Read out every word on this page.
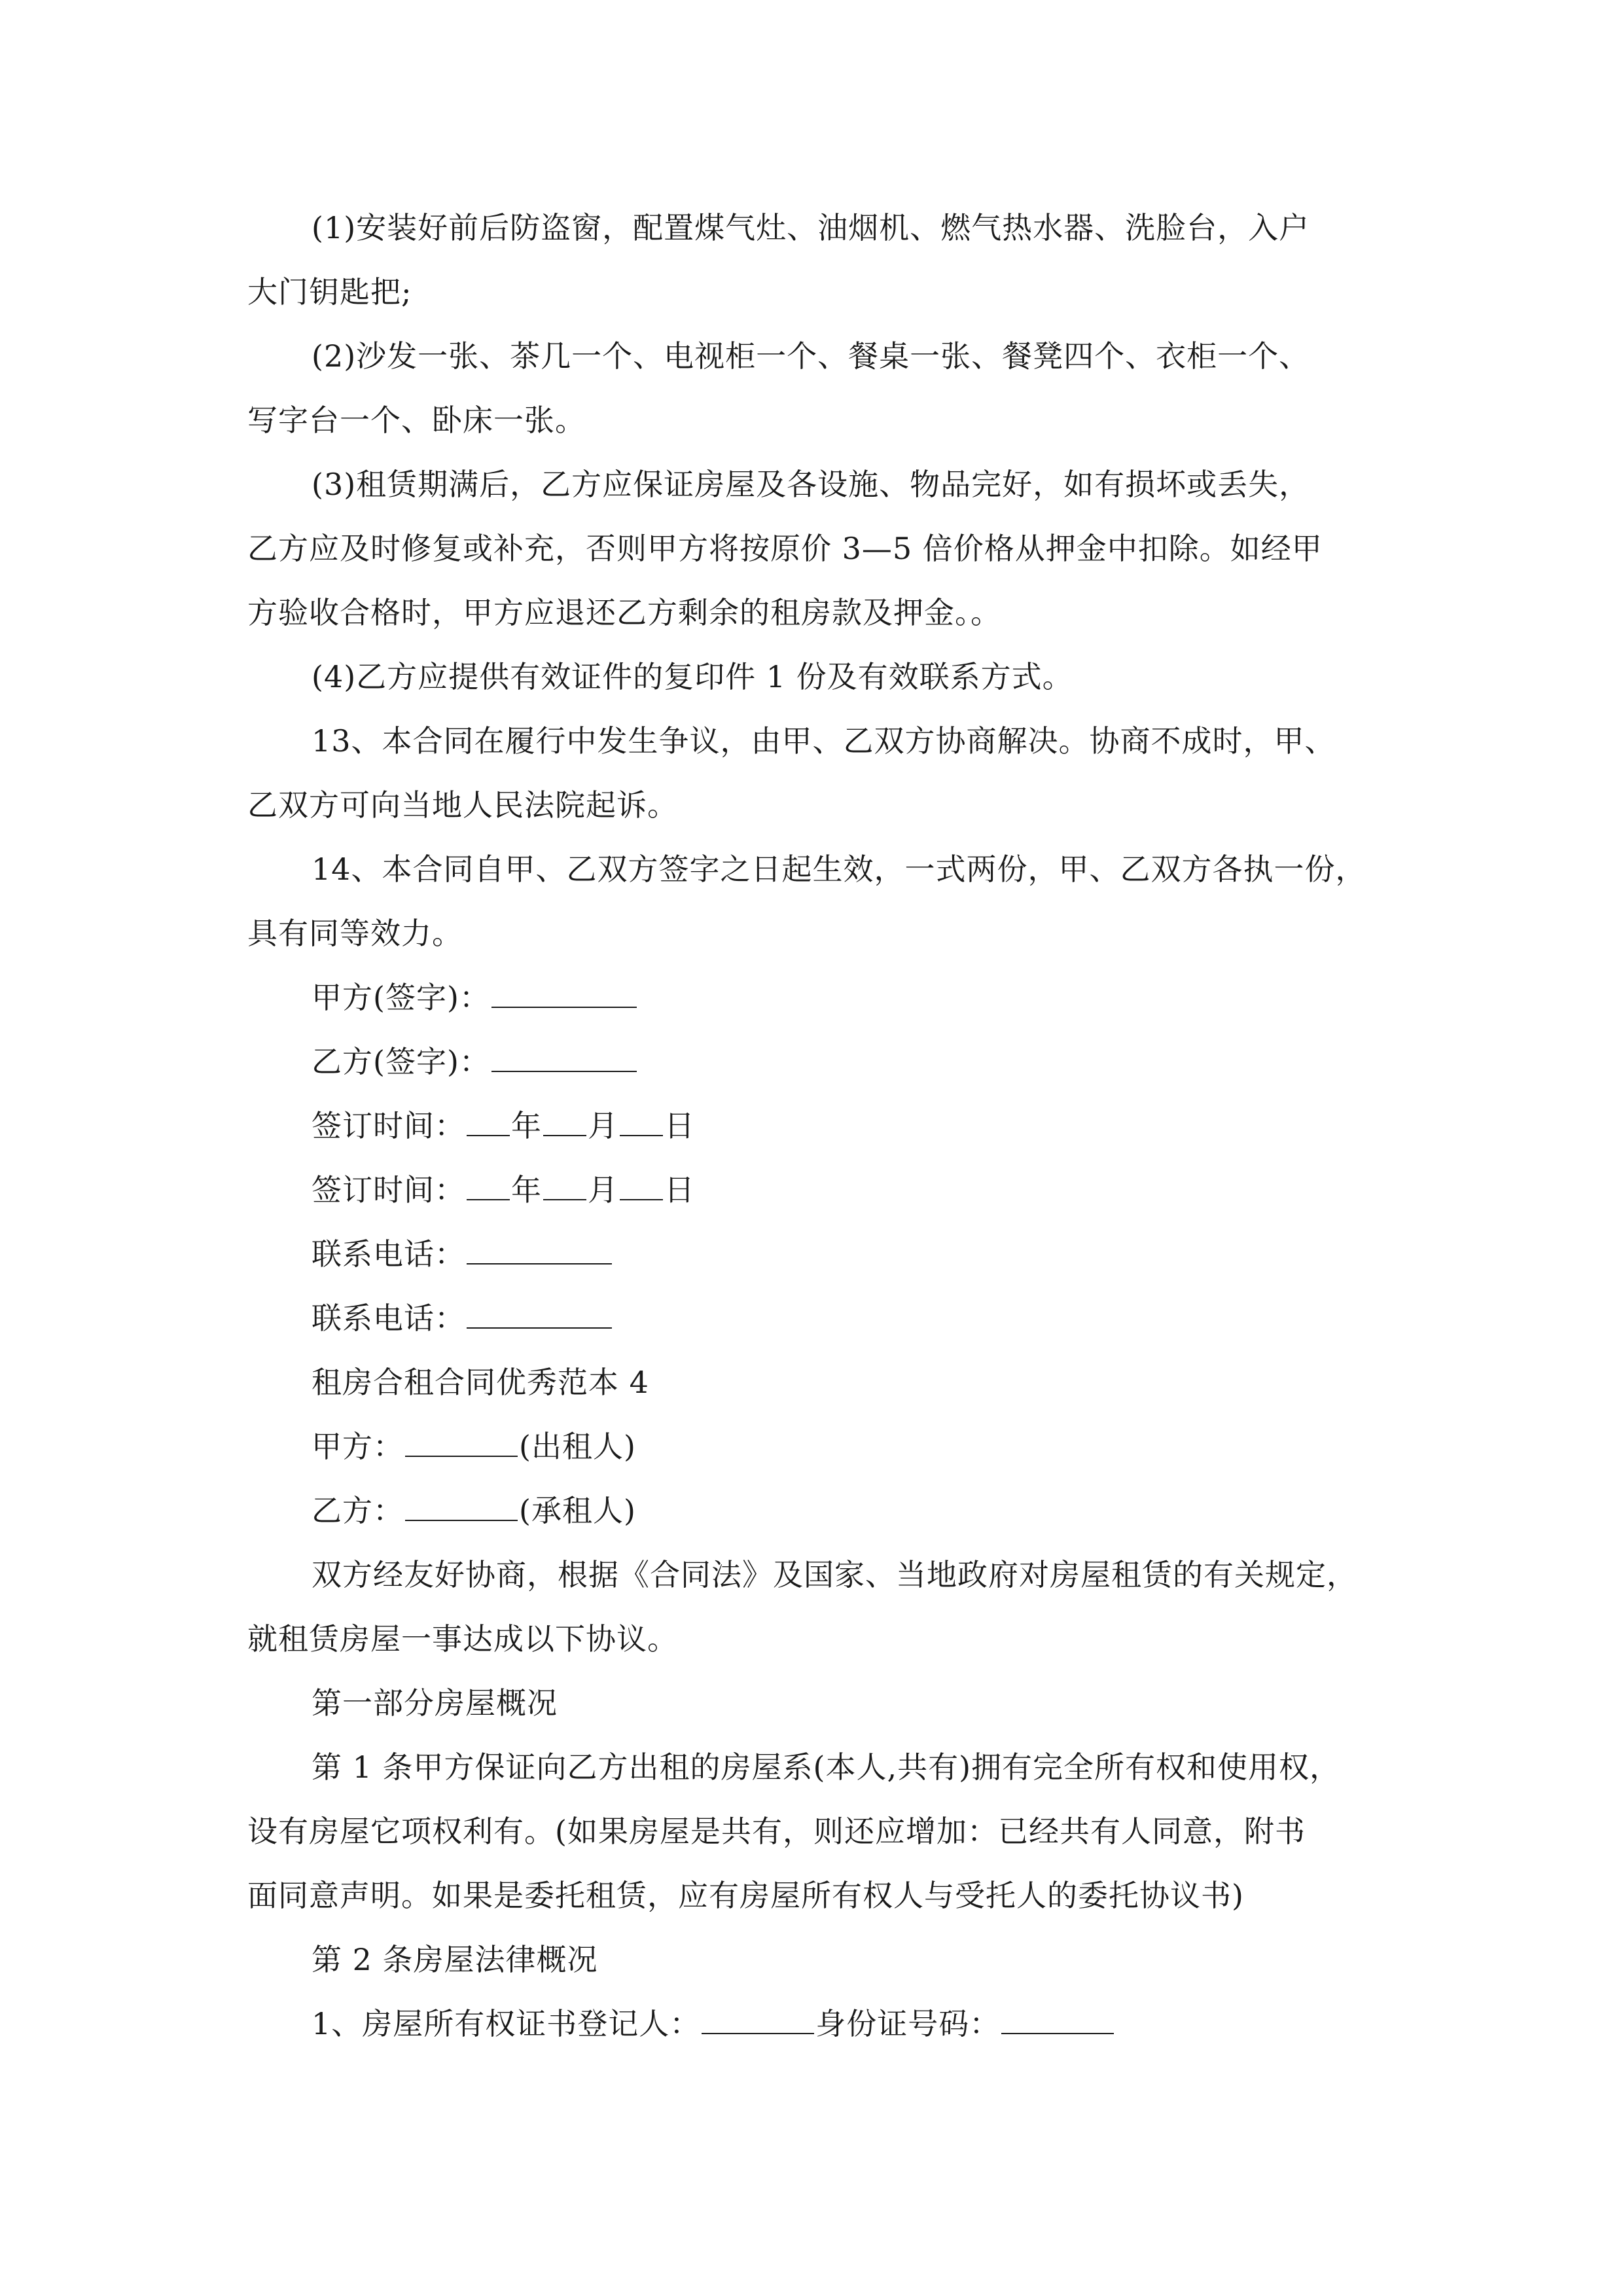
(1)安装好前后防盗窗，配置煤气灶、油烟机、燃气热水器、洗脸台，入户
大门钥匙把;
(2)沙发一张、茶几一个、电视柜一个、餐桌一张、餐凳四个、衣柜一个、
写字台一个、卧床一张。
(3)租赁期满后，乙方应保证房屋及各设施、物品完好，如有损坏或丢失，
乙方应及时修复或补充，否则甲方将按原价 3—5 倍价格从押金中扣除。如经甲
方验收合格时，甲方应退还乙方剩余的租房款及押金。。
(4)乙方应提供有效证件的复印件 1 份及有效联系方式。
13、本合同在履行中发生争议，由甲、乙双方协商解决。协商不成时，甲、
乙双方可向当地人民法院起诉。
14、本合同自甲、乙双方签字之日起生效，一式两份，甲、乙双方各执一份，
具有同等效力。
甲方(签字)：
乙方(签字)：
签订时间： 年 月 日
签订时间： 年 月 日
联系电话：
联系电话：
租房合租合同优秀范本 4
甲方：	(出租人)
乙方：	(承租人)
双方经友好协商，根据《合同法》及国家、当地政府对房屋租赁的有关规定，
就租赁房屋一事达成以下协议。
第一部分房屋概况
第 1 条甲方保证向乙方出租的房屋系(本人,共有)拥有完全所有权和使用权，
设有房屋它项权利有。(如果房屋是共有，则还应增加：已经共有人同意，附书
面同意声明。如果是委托租赁，应有房屋所有权人与受托人的委托协议书)
第 2 条房屋法律概况
1、房屋所有权证书登记人：	身份证号码：
